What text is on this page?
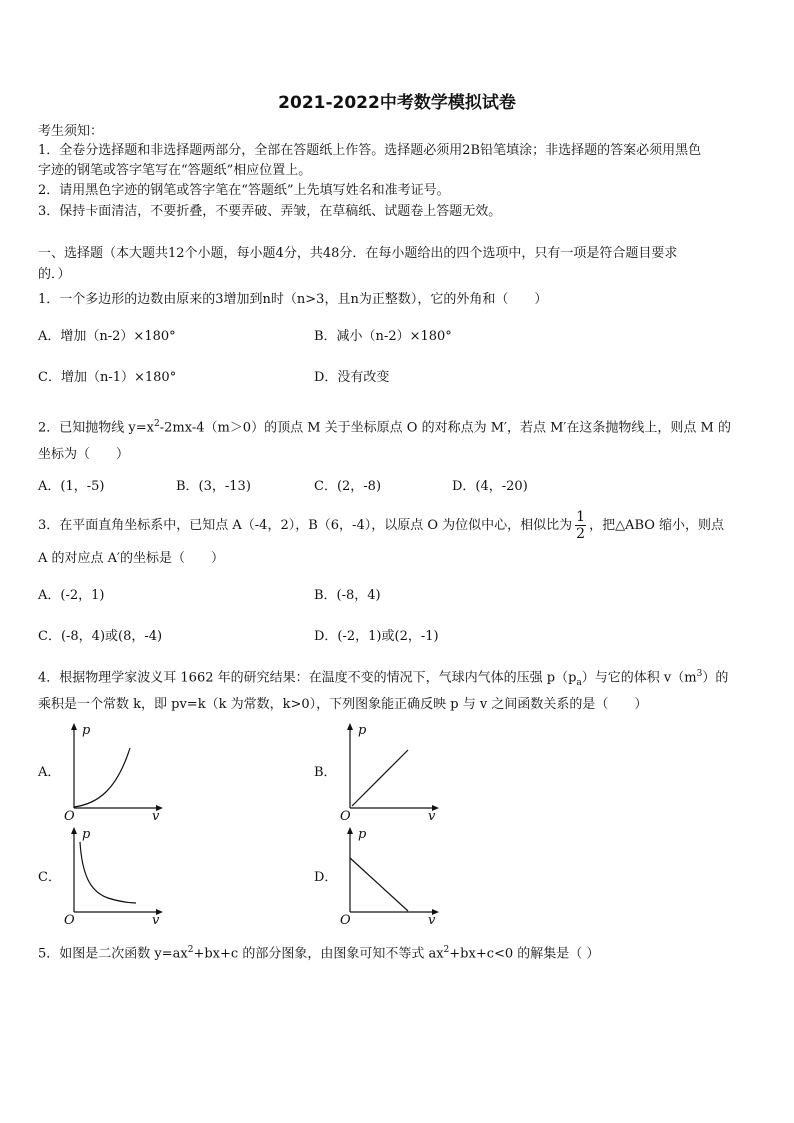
2021-2022中考数学模拟试卷
考生须知：
1．全卷分选择题和非选择题两部分，全部在答题纸上作答。选择题必须用2B铅笔填涂；非选择题的答案必须用黑色
字迹的钢笔或答字笔写在“答题纸”相应位置上。
2．请用黑色字迹的钢笔或答字笔在“答题纸”上先填写姓名和准考证号。
3．保持卡面清洁，不要折叠，不要弄破、弄皱，在草稿纸、试题卷上答题无效。
一、选择题（本大题共12个小题，每小题4分，共48分．在每小题给出的四个选项中，只有一项是符合题目要求
的．）
1．一个多边形的边数由原来的3增加到n时（n>3，且n为正整数），它的外角和（　　）
A．增加（n-2）×180°	B．减小（n-2）×180°
C．增加（n-1）×180°	D．没有改变
2．已知抛物线 $y=x^2-2mx-4(m>0)$的顶点 M 关于坐标原点 O 的对称点为 M′，若点 M′在这条抛物线上，则点 M 的
坐标为（　　）
A．(1，-5)	B．(3，-13)	C．(2，-8)	D．(4，-20)
3．在平面直角坐标系中，已知点 A（-4，2），B（6，-4），以原点 O 为位似中心，相似比为 $\frac{1}{2}$ ，把△ABO 缩小，则点
A 的对应点 A′的坐标是（　　）
A．(-2，1)	B．(-8，4)
C．(-8，4)或(8，-4)	D．(-2，1)或(2，-1)
4．根据物理学家波义耳 1662 年的研究结果：在温度不变的情况下，气球内气体的压强 $p(p_a)$与它的体积 $v(m^3)$的
乘积是一个常数 k，即 pv=k（k 为常数，k>0），下列图象能正确反映 p 与 v 之间函数关系的是（　　）
A．	B．
C．	D．
p
v
O
p
v
O
p
v
O
p
v
O
5．如图是二次函数 $y=ax^2+bx+c$ 的部分图象，由图象可知不等式 $ax^2+bx+c<0$ 的解集是（ ）
